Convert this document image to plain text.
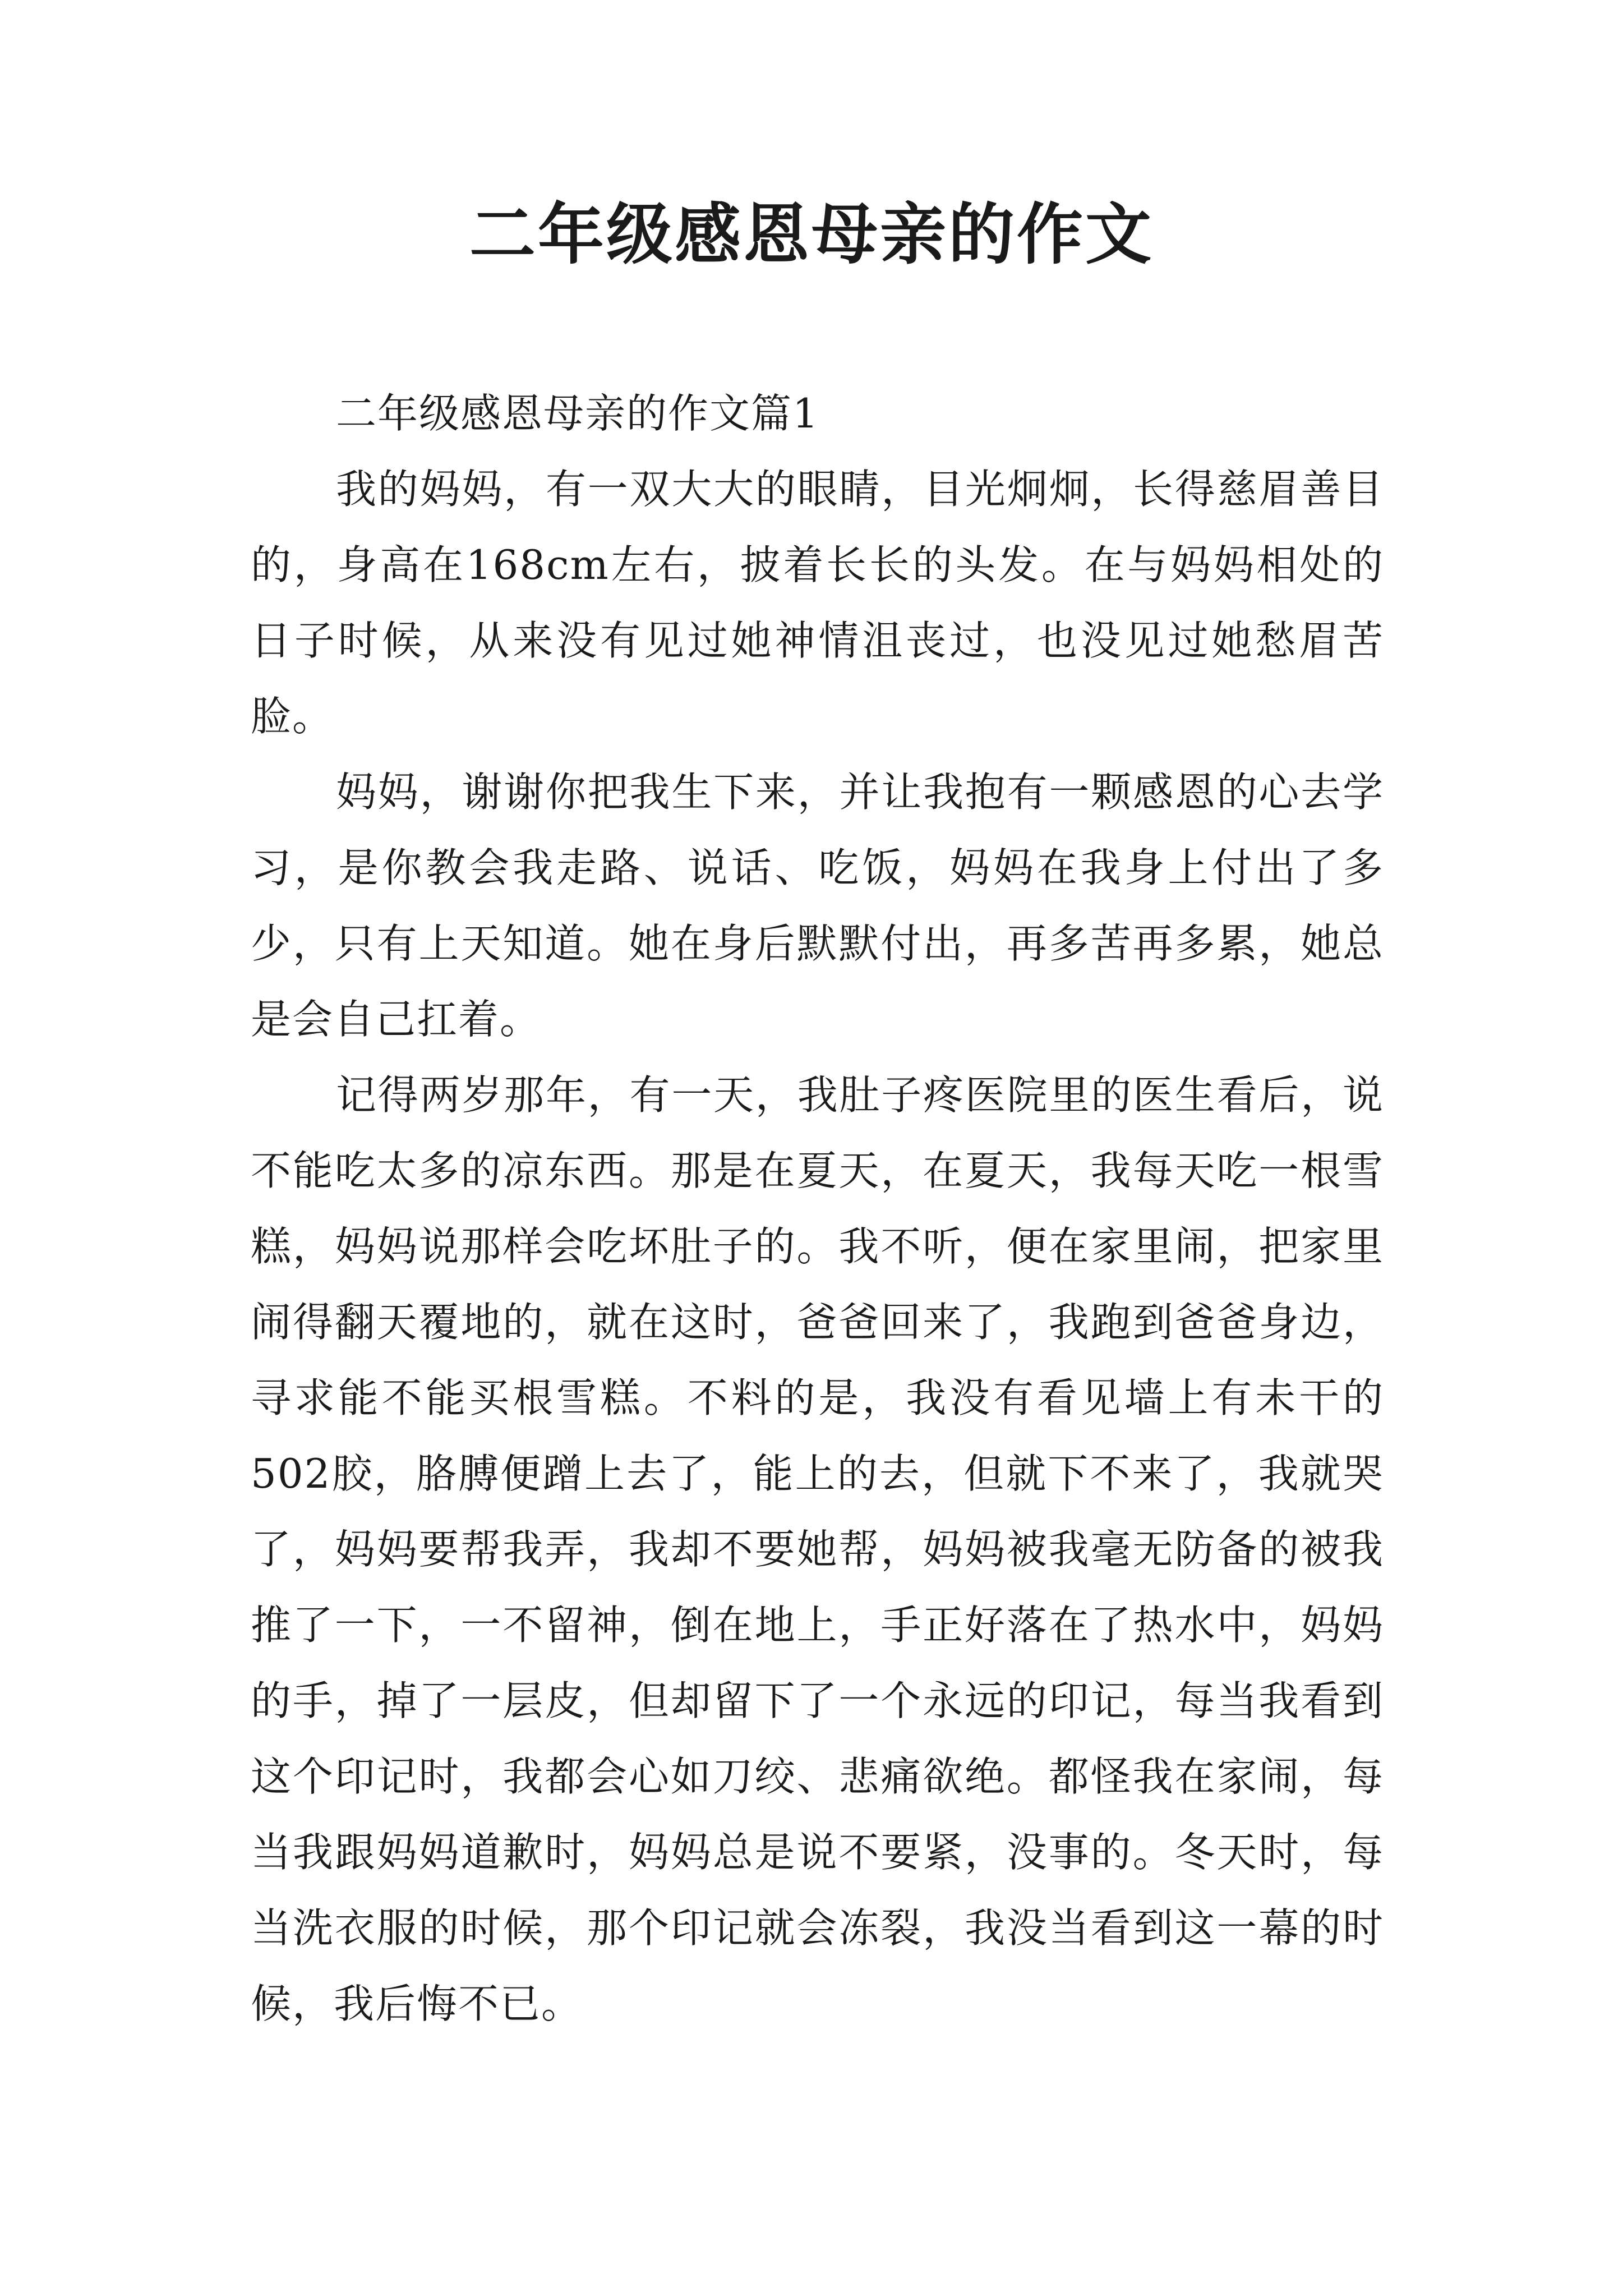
二年级感恩母亲的作文

二年级感恩母亲的作文篇1

我的妈妈，有一双大大的眼睛，目光炯炯，长得慈眉善目的，身高在168cm左右，披着长长的头发。在与妈妈相处的日子时候，从来没有见过她神情沮丧过，也没见过她愁眉苦脸。

妈妈，谢谢你把我生下来，并让我抱有一颗感恩的心去学习，是你教会我走路、说话、吃饭，妈妈在我身上付出了多少，只有上天知道。她在身后默默付出，再多苦再多累，她总是会自己扛着。

记得两岁那年，有一天，我肚子疼医院里的医生看后，说不能吃太多的凉东西。那是在夏天，在夏天，我每天吃一根雪糕，妈妈说那样会吃坏肚子的。我不听，便在家里闹，把家里闹得翻天覆地的，就在这时，爸爸回来了，我跑到爸爸身边，寻求能不能买根雪糕。不料的是，我没有看见墙上有未干的502胶，胳膊便蹭上去了，能上的去，但就下不来了，我就哭了，妈妈要帮我弄，我却不要她帮，妈妈被我毫无防备的被我推了一下，一不留神，倒在地上，手正好落在了热水中，妈妈的手，掉了一层皮，但却留下了一个永远的印记，每当我看到这个印记时，我都会心如刀绞、悲痛欲绝。都怪我在家闹，每当我跟妈妈道歉时，妈妈总是说不要紧，没事的。冬天时，每当洗衣服的时候，那个印记就会冻裂，我没当看到这一幕的时候，我后悔不已。
